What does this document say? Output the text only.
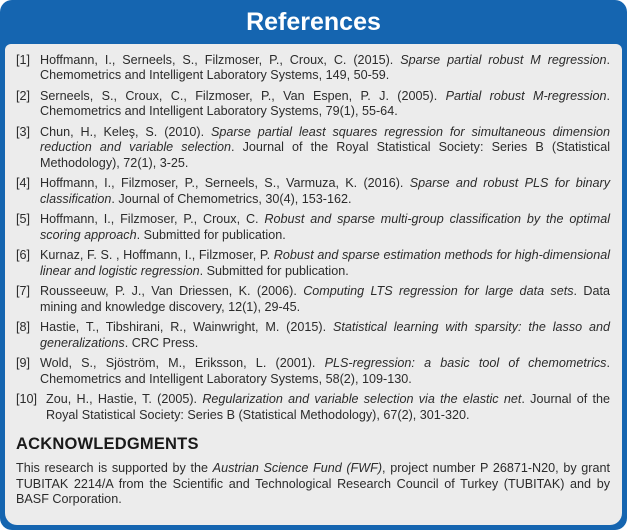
References
[1] Hoffmann, I., Serneels, S., Filzmoser, P., Croux, C. (2015). Sparse partial robust M regression. Chemometrics and Intelligent Laboratory Systems, 149, 50-59.
[2] Serneels, S., Croux, C., Filzmoser, P., Van Espen, P. J. (2005). Partial robust M-regression. Chemometrics and Intelligent Laboratory Systems, 79(1), 55-64.
[3] Chun, H., Keleş, S. (2010). Sparse partial least squares regression for simultaneous dimension reduction and variable selection. Journal of the Royal Statistical Society: Series B (Statistical Methodology), 72(1), 3-25.
[4] Hoffmann, I., Filzmoser, P., Serneels, S., Varmuza, K. (2016). Sparse and robust PLS for binary classification. Journal of Chemometrics, 30(4), 153-162.
[5] Hoffmann, I., Filzmoser, P., Croux, C. Robust and sparse multi-group classification by the optimal scoring approach. Submitted for publication.
[6] Kurnaz, F. S. , Hoffmann, I., Filzmoser, P. Robust and sparse estimation methods for high-dimensional linear and logistic regression. Submitted for publication.
[7] Rousseeuw, P. J., Van Driessen, K. (2006). Computing LTS regression for large data sets. Data mining and knowledge discovery, 12(1), 29-45.
[8] Hastie, T., Tibshirani, R., Wainwright, M. (2015). Statistical learning with sparsity: the lasso and generalizations. CRC Press.
[9] Wold, S., Sjöström, M., Eriksson, L. (2001). PLS-regression: a basic tool of chemometrics. Chemometrics and Intelligent Laboratory Systems, 58(2), 109-130.
[10] Zou, H., Hastie, T. (2005). Regularization and variable selection via the elastic net. Journal of the Royal Statistical Society: Series B (Statistical Methodology), 67(2), 301-320.
ACKNOWLEDGMENTS

This research is supported by the Austrian Science Fund (FWF), project number P 26871-N20, by grant TUBITAK 2214/A from the Scientific and Technological Research Council of Turkey (TUBITAK) and by BASF Corporation.
